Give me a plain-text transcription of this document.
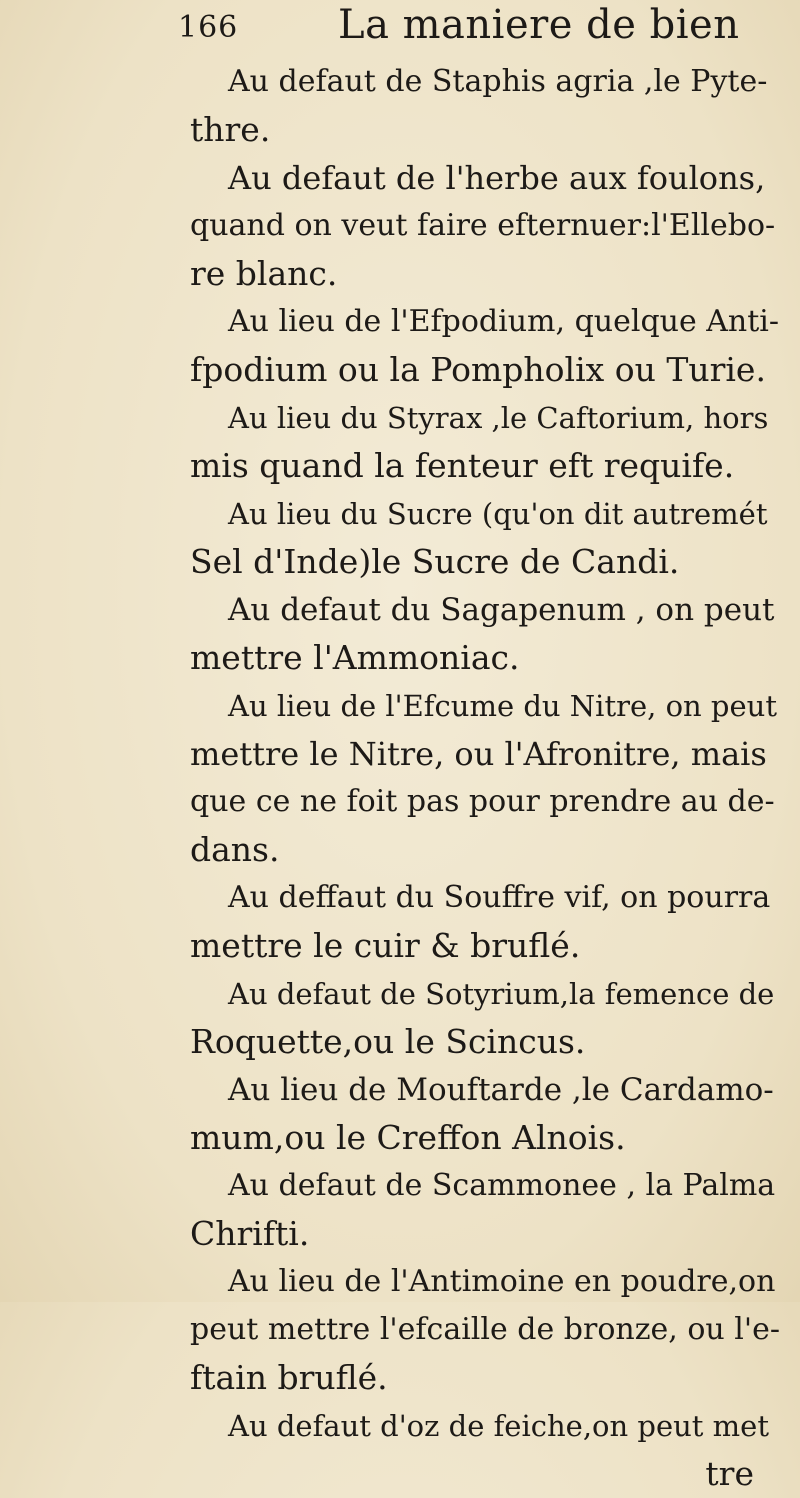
166 La maniere de bien
Au defaut de Staphis agria ,le Pyte-
thre.
Au defaut de l'herbe aux foulons,
quand on veut faire efternuer:l'Ellebo-
re blanc.
Au lieu de l'Efpodium, quelque Anti-
fpodium ou la Pompholix ou Turie.
Au lieu du Styrax ,le Caftorium, hors
mis quand la fenteur eft requife.
Au lieu du Sucre (qu'on dit autremét
Sel d'Inde)le Sucre de Candi.
Au defaut du Sagapenum , on peut
mettre l'Ammoniac.
Au lieu de l'Efcume du Nitre, on peut
mettre le Nitre, ou l'Afronitre, mais
que ce ne foit pas pour prendre au de-
dans.
Au deffaut du Souffre vif, on pourra
mettre le cuir & bruflé.
Au defaut de Sotyrium,la femence de
Roquette,ou le Scincus.
Au lieu de Mouftarde ,le Cardamo-
mum,ou le Creffon Alnois.
Au defaut de Scammonee , la Palma
Chrifti.
Au lieu de l'Antimoine en poudre,on
peut mettre l'efcaille de bronze, ou l'e-
ftain bruflé.
Au defaut d'oz de feiche,on peut met
tre
